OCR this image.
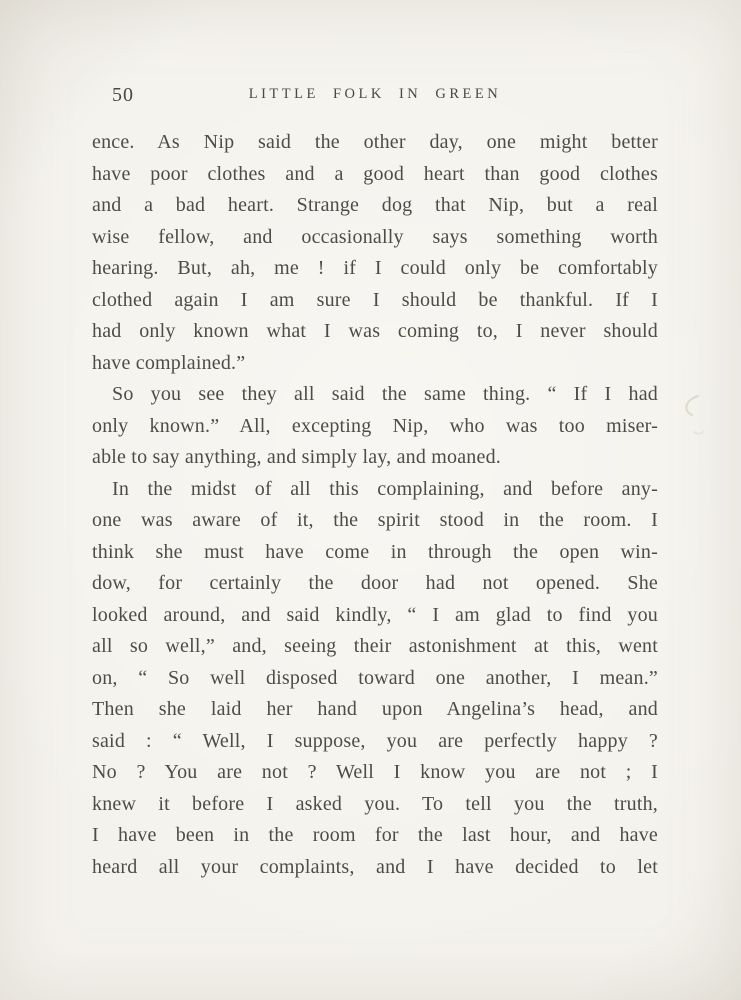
50	LITTLE FOLK IN GREEN
ence. As Nip said the other day, one might better
have poor clothes and a good heart than good clothes
and a bad heart. Strange dog that Nip, but a real
wise fellow, and occasionally says something worth
hearing. But, ah, me ! if I could only be comfortably
clothed again I am sure I should be thankful. If I
had only known what I was coming to, I never should
have complained.”
So you see they all said the same thing. “ If I had
only known.” All, excepting Nip, who was too miser-
able to say anything, and simply lay, and moaned.
In the midst of all this complaining, and before any-
one was aware of it, the spirit stood in the room. I
think she must have come in through the open win-
dow, for certainly the door had not opened. She
looked around, and said kindly, “ I am glad to find you
all so well,” and, seeing their astonishment at this, went
on, “ So well disposed toward one another, I mean.”
Then she laid her hand upon Angelina’s head, and
said : “ Well, I suppose, you are perfectly happy ?
No ? You are not ? Well I know you are not ; I
knew it before I asked you. To tell you the truth,
I have been in the room for the last hour, and have
heard all your complaints, and I have decided to let
